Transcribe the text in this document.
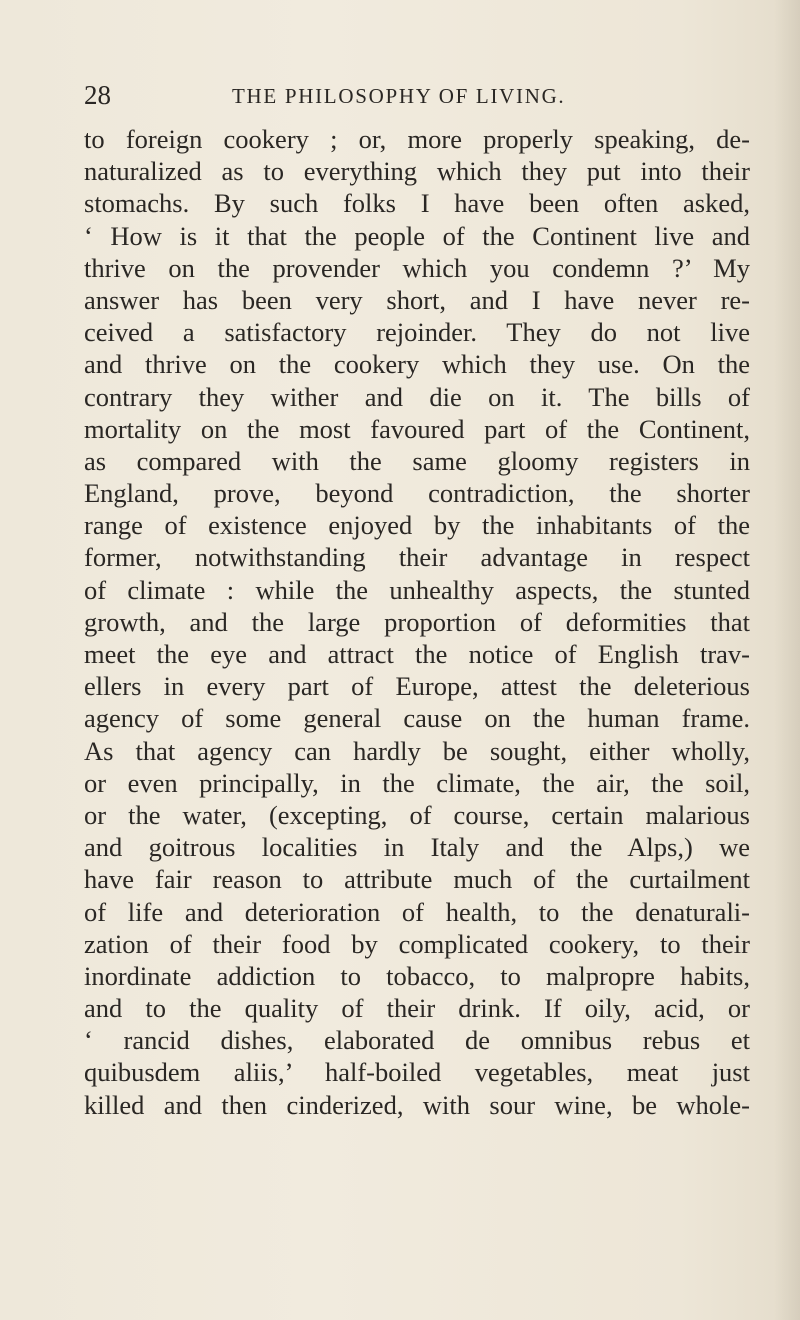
28	THE PHILOSOPHY OF LIVING.
to foreign cookery ; or, more properly speaking, de-
naturalized as to everything which they put into their
stomachs. By such folks I have been often asked,
‘ How is it that the people of the Continent live and
thrive on the provender which you condemn ?’ My
answer has been very short, and I have never re-
ceived a satisfactory rejoinder. They do not live
and thrive on the cookery which they use. On the
contrary they wither and die on it. The bills of
mortality on the most favoured part of the Continent,
as compared with the same gloomy registers in
England, prove, beyond contradiction, the shorter
range of existence enjoyed by the inhabitants of the
former, notwithstanding their advantage in respect
of climate : while the unhealthy aspects, the stunted
growth, and the large proportion of deformities that
meet the eye and attract the notice of English trav-
ellers in every part of Europe, attest the deleterious
agency of some general cause on the human frame.
As that agency can hardly be sought, either wholly,
or even principally, in the climate, the air, the soil,
or the water, (excepting, of course, certain malarious
and goitrous localities in Italy and the Alps,) we
have fair reason to attribute much of the curtailment
of life and deterioration of health, to the denaturali-
zation of their food by complicated cookery, to their
inordinate addiction to tobacco, to malpropre habits,
and to the quality of their drink. If oily, acid, or
‘ rancid dishes, elaborated de omnibus rebus et
quibusdem aliis,’ half-boiled vegetables, meat just
killed and then cinderized, with sour wine, be whole-
